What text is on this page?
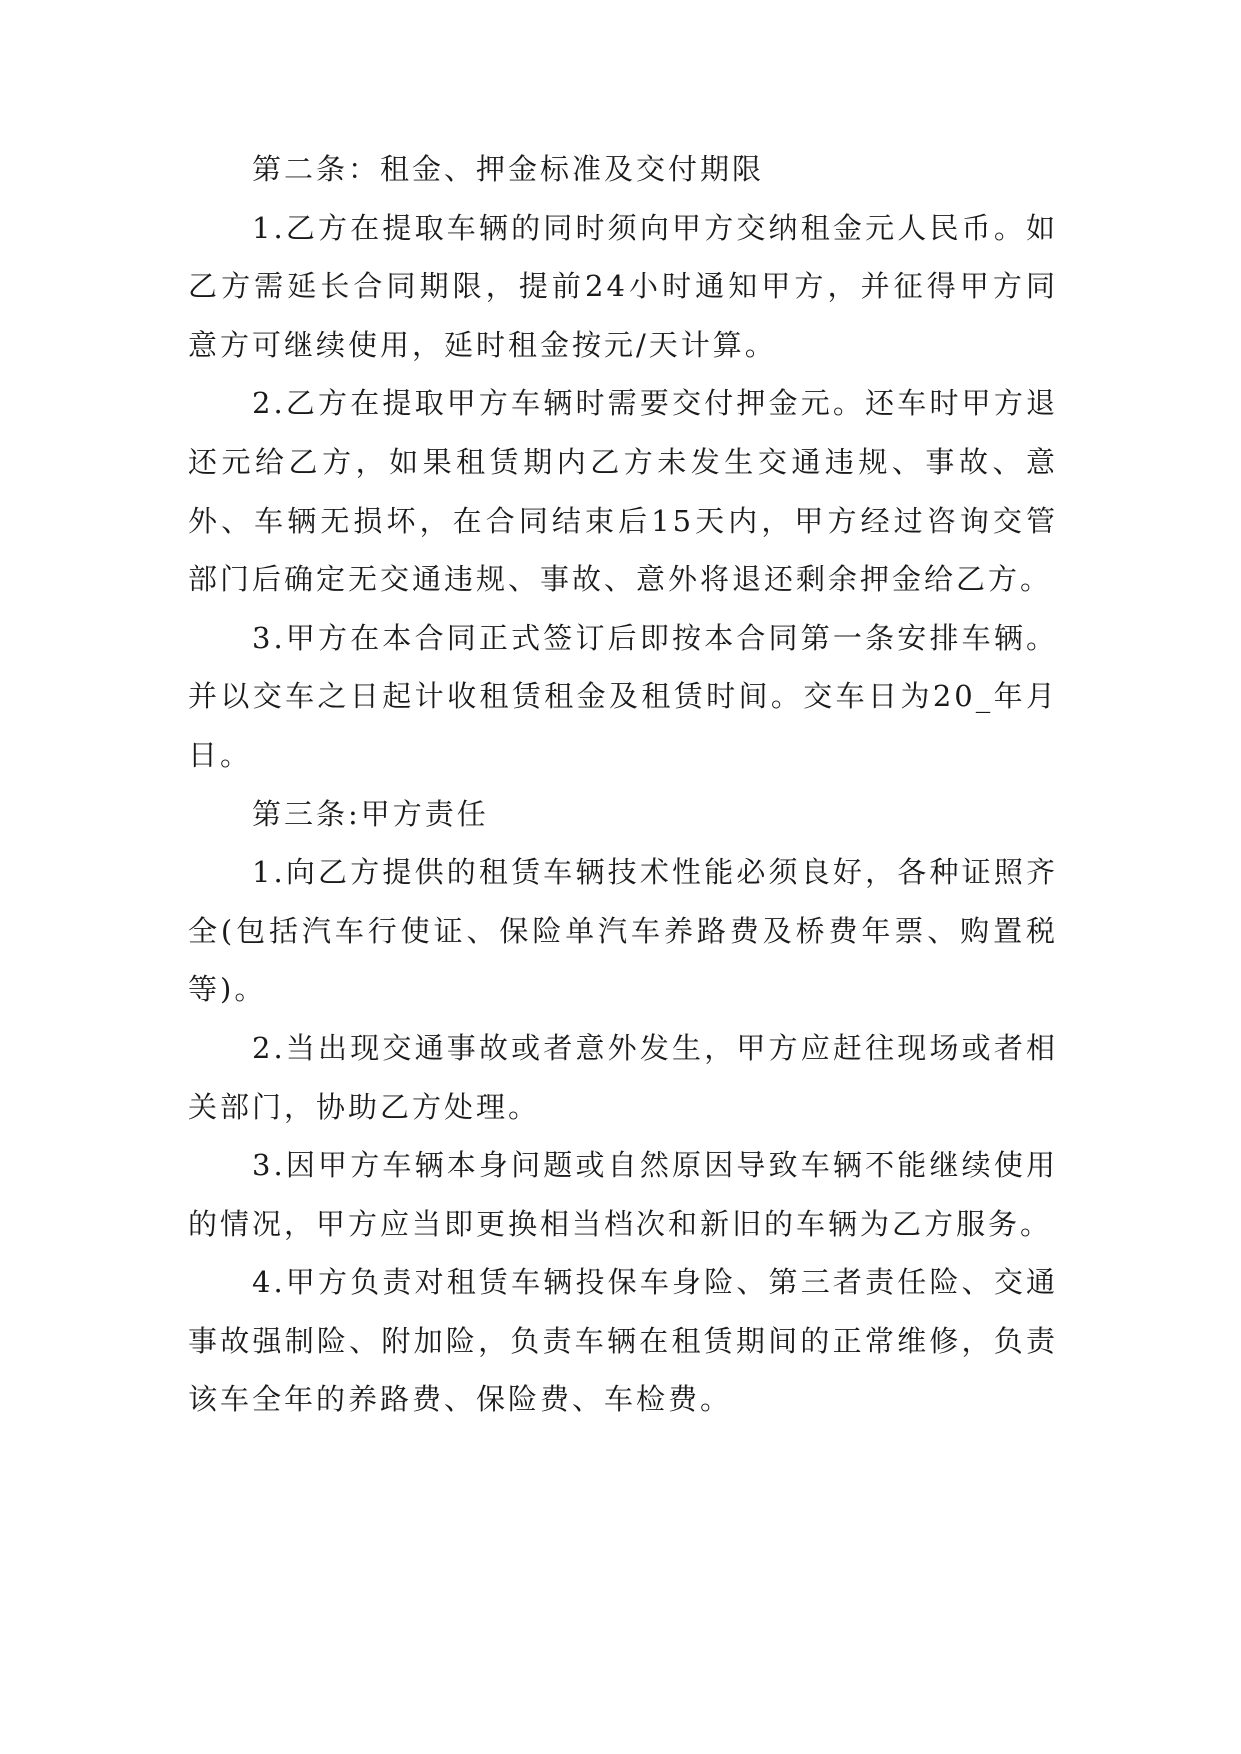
第二条：租金、押金标准及交付期限

1.乙方在提取车辆的同时须向甲方交纳租金元人民币。如乙方需延长合同期限，提前24小时通知甲方，并征得甲方同意方可继续使用，延时租金按元/天计算。

2.乙方在提取甲方车辆时需要交付押金元。还车时甲方退还元给乙方，如果租赁期内乙方未发生交通违规、事故、意外、车辆无损坏，在合同结束后15天内，甲方经过咨询交管部门后确定无交通违规、事故、意外将退还剩余押金给乙方。

3.甲方在本合同正式签订后即按本合同第一条安排车辆。并以交车之日起计收租赁租金及租赁时间。交车日为20_年月日。

第三条:甲方责任

1.向乙方提供的租赁车辆技术性能必须良好，各种证照齐全(包括汽车行使证、保险单汽车养路费及桥费年票、购置税等)。

2.当出现交通事故或者意外发生，甲方应赶往现场或者相关部门，协助乙方处理。

3.因甲方车辆本身问题或自然原因导致车辆不能继续使用的情况，甲方应当即更换相当档次和新旧的车辆为乙方服务。

4.甲方负责对租赁车辆投保车身险、第三者责任险、交通事故强制险、附加险，负责车辆在租赁期间的正常维修，负责该车全年的养路费、保险费、车检费。
